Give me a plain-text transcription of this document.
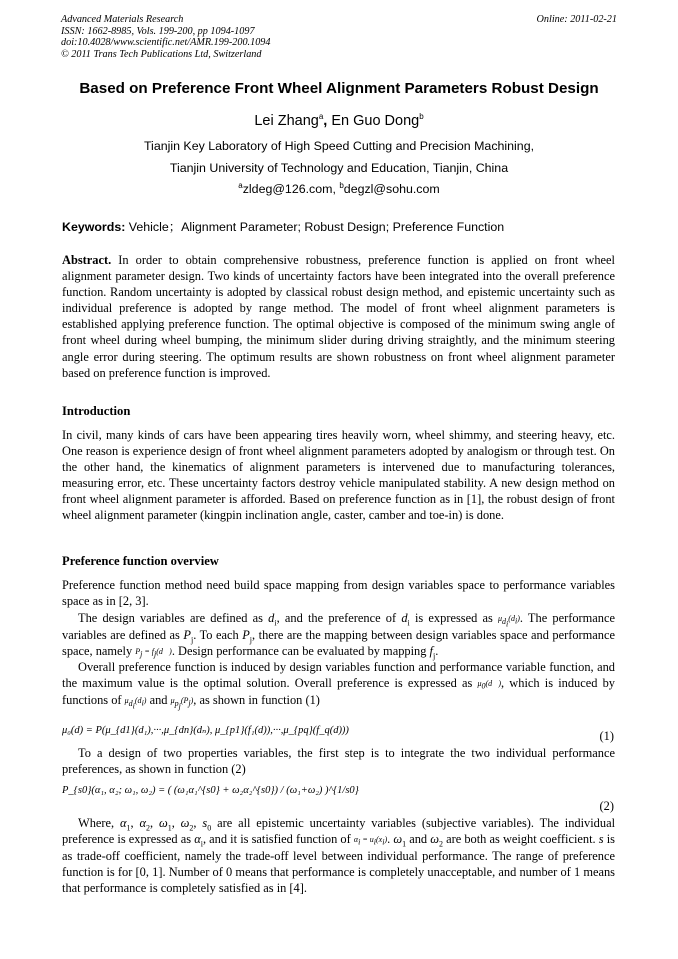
Advanced Materials Research
ISSN: 1662-8985, Vols. 199-200, pp 1094-1097
doi:10.4028/www.scientific.net/AMR.199-200.1094
© 2011 Trans Tech Publications Ltd, Switzerland
Online: 2011-02-21
Based on Preference Front Wheel Alignment Parameters Robust Design
Lei Zhang$^a$, En Guo Dong$^b$
Tianjin Key Laboratory of High Speed Cutting and Precision Machining,
Tianjin University of Technology and Education, Tianjin, China
$^a$zldeg@126.com, $^b$degzl@sohu.com
Keywords: Vehicle；Alignment Parameter; Robust Design; Preference Function
Abstract. In order to obtain comprehensive robustness, preference function is applied on front wheel alignment parameter design. Two kinds of uncertainty factors have been integrated into the overall preference function. Random uncertainty is adopted by classical robust design method, and epistemic uncertainty such as individual preference is adopted by range method. The model of front wheel alignment parameters is established applying preference function. The optimal objective is composed of the minimum swing angle of front wheel during wheel bumping, the minimum slider during driving straightly, and the minimum steering angle error during steering. The optimum results are shown robustness on front wheel alignment parameter based on preference function is improved.
Introduction
In civil, many kinds of cars have been appearing tires heavily worn, wheel shimmy, and steering heavy, etc. One reason is experience design of front wheel alignment parameters adopted by analogism or through test. On the other hand, the kinematics of alignment parameters is intervened due to manufacturing tolerances, measuring error, etc. These uncertainty factors destroy vehicle manipulated stability. A new design method on front wheel alignment parameter is afforded. Based on preference function as in [1], the robust design of front wheel alignment parameter (kingpin inclination angle, caster, camber and toe-in) is done.
Preference function overview
Preference function method need build space mapping from design variables space to performance variables space as in [2, 3].
The design variables are defined as $d_i$, and the preference of $d_i$ is expressed as $\mu_{d_i}(d_i)$. The performance variables are defined as $P_j$. To each $P_j$, there are the mapping between design variables space and performance space, namely $P_j$ = $f_j(d⃗)$. Design performance can be evaluated by mapping $f_j$.
Overall preference function is induced by design variables function and performance variable function, and the maximum value is the optimal solution. Overall preference is expressed as $\mu_0(d⃗)$, which is induced by functions of $\mu_{d_i}(d_i)$ and $\mu_{p_j}(P_j)$, as shown in function (1)
μ₀(d) = P(μ_{d1}(d₁),···,μ_{dn}(dₙ), μ_{p1}(f₁(d)),···,μ_{pq}(f_q(d)))	(1)
To a design of two properties variables, the first step is to integrate the two individual performance preferences, as shown in function (2)
P_{s0}(α₁, α₂; ω₁, ω₂) = ( (ω₁α₁^{s0} + ω₂α₂^{s0}) / (ω₁+ω₂) )^{1/s0}
(2)
Where, $\alpha_1$, $\alpha_2$, $\omega_1$, $\omega_2$, $s_0$ are all epistemic uncertainty variables (subjective variables). The individual preference is expressed as $\alpha_i$, and it is satisfied function of $\alpha_i = u_i(x_i)$. $\omega_1$ and $\omega_2$ are both as weight coefficient. s is as trade-off coefficient, namely the trade-off level between individual performance. The range of preference function is for [0, 1]. Number of 0 means that performance is completely unacceptable, and number of 1 means that performance is completely satisfied as in [4].
